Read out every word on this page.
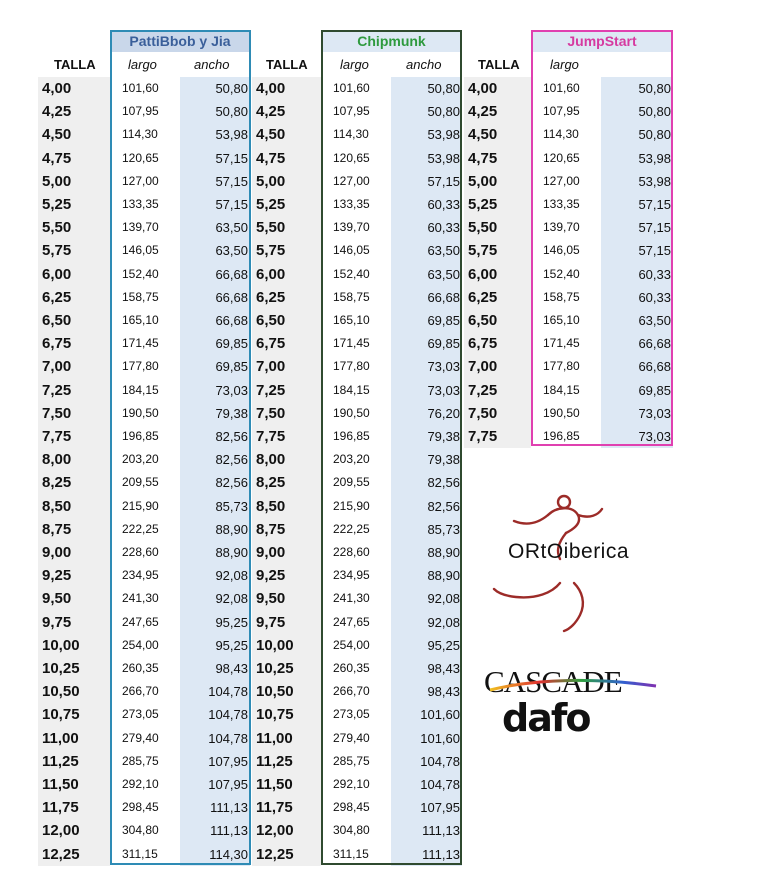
PattiBbob y Jia
TALLA	largo	ancho
4,00	101,60	50,80
4,25	107,95	50,80
4,50	114,30	53,98
4,75	120,65	57,15
5,00	127,00	57,15
5,25	133,35	57,15
5,50	139,70	63,50
5,75	146,05	63,50
6,00	152,40	66,68
6,25	158,75	66,68
6,50	165,10	66,68
6,75	171,45	69,85
7,00	177,80	69,85
7,25	184,15	73,03
7,50	190,50	79,38
7,75	196,85	82,56
8,00	203,20	82,56
8,25	209,55	82,56
8,50	215,90	85,73
8,75	222,25	88,90
9,00	228,60	88,90
9,25	234,95	92,08
9,50	241,30	92,08
9,75	247,65	95,25
10,00	254,00	95,25
10,25	260,35	98,43
10,50	266,70	104,78
10,75	273,05	104,78
11,00	279,40	104,78
11,25	285,75	107,95
11,50	292,10	107,95
11,75	298,45	111,13
12,00	304,80	111,13
12,25	311,15	114,30
Chipmunk
TALLA	largo	ancho
4,00	101,60	50,80
4,25	107,95	50,80
4,50	114,30	53,98
4,75	120,65	53,98
5,00	127,00	57,15
5,25	133,35	60,33
5,50	139,70	60,33
5,75	146,05	63,50
6,00	152,40	63,50
6,25	158,75	66,68
6,50	165,10	69,85
6,75	171,45	69,85
7,00	177,80	73,03
7,25	184,15	73,03
7,50	190,50	76,20
7,75	196,85	79,38
8,00	203,20	79,38
8,25	209,55	82,56
8,50	215,90	82,56
8,75	222,25	85,73
9,00	228,60	88,90
9,25	234,95	88,90
9,50	241,30	92,08
9,75	247,65	92,08
10,00	254,00	95,25
10,25	260,35	98,43
10,50	266,70	98,43
10,75	273,05	101,60
11,00	279,40	101,60
11,25	285,75	104,78
11,50	292,10	104,78
11,75	298,45	107,95
12,00	304,80	111,13
12,25	311,15	111,13
JumpStart
TALLA	largo
4,00	101,60	50,80
4,25	107,95	50,80
4,50	114,30	50,80
4,75	120,65	53,98
5,00	127,00	53,98
5,25	133,35	57,15
5,50	139,70	57,15
5,75	146,05	57,15
6,00	152,40	60,33
6,25	158,75	60,33
6,50	165,10	63,50
6,75	171,45	66,68
7,00	177,80	66,68
7,25	184,15	69,85
7,50	190,50	73,03
7,75	196,85	73,03
ORtOiberica
CASCADE
dafo
